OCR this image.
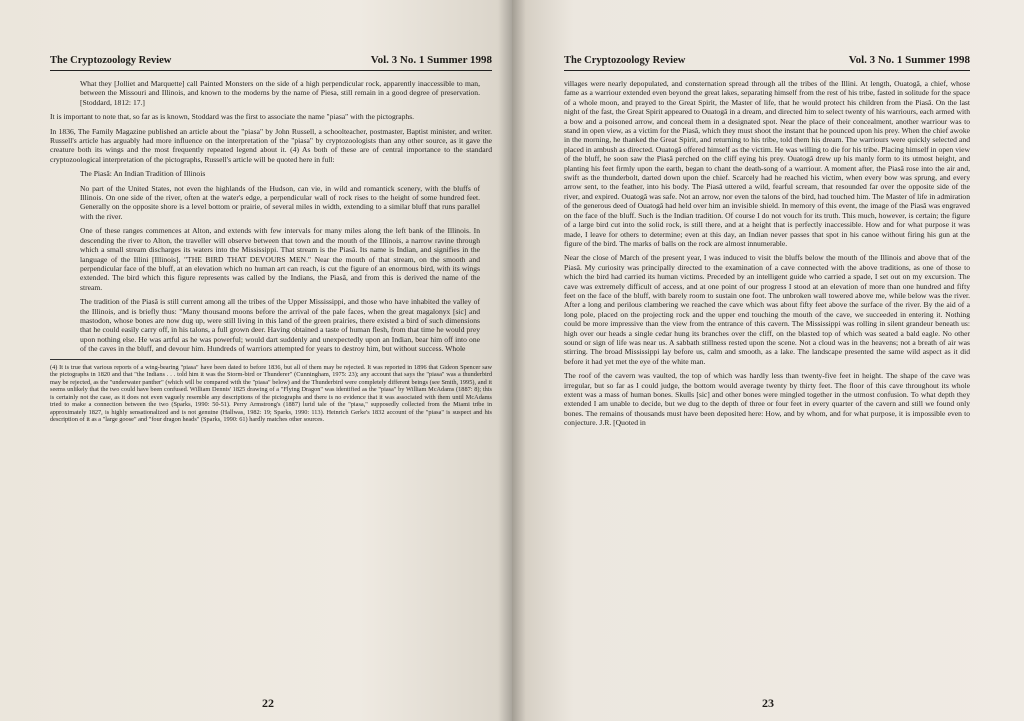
The Cryptozoology Review	Vol. 3 No. 1 Summer 1998

What they [Jolliet and Marquette] call Painted Monsters on the side of a high perpendicular rock, apparently inaccessible to man, between the Missouri and Illinois, and known to the moderns by the name of Piesa, still remain in a good degree of preservation. [Stoddard, 1812: 17.]

It is important to note that, so far as is known, Stoddard was the first to associate the name "piasa" with the pictographs.

In 1836, The Family Magazine published an article about the "piasa" by John Russell, a schoolteacher, postmaster, Baptist minister, and writer. Russell's article has arguably had more influence on the interpretation of the "piasa" by cryptozoologists than any other source, as it gave the creature both its wings and the most frequently repeated legend about it. (4) As both of these are of central importance to the standard cryptozoological interpretation of the pictographs, Russell's article will be quoted here in full:

The Piasâ: An Indian Tradition of Illinois

No part of the United States, not even the highlands of the Hudson, can vie, in wild and romantick scenery, with the bluffs of Illinois. On one side of the river, often at the water's edge, a perpendicular wall of rock rises to the height of some hundred feet. Generally on the opposite shore is a level bottom or prairie, of several miles in width, extending to a similar bluff that runs parallel with the river.

One of these ranges commences at Alton, and extends with few intervals for many miles along the left bank of the Illinois. In descending the river to Alton, the traveller will observe between that town and the mouth of the Illinois, a narrow ravine through which a small stream discharges its waters into the Mississippi. That stream is the Piasâ. Its name is Indian, and signifies in the language of the Illini [Illinois], "THE BIRD THAT DEVOURS MEN." Near the mouth of that stream, on the smooth and perpendicular face of the bluff, at an elevation which no human art can reach, is cut the figure of an enormous bird, with its wings extended. The bird which this figure represents was called by the Indians, the Piasâ, and from this is derived the name of the stream.

The tradition of the Piasâ is still current among all the tribes of the Upper Mississippi, and those who have inhabited the valley of the Illinois, and is briefly thus: "Many thousand moons before the arrival of the pale faces, when the great magalonyx [sic] and mastodon, whose bones are now dug up, were still living in this land of the green prairies, there existed a bird of such dimensions that he could easily carry off, in his talons, a full grown deer. Having obtained a taste of human flesh, from that time he would prey upon nothing else. He was artful as he was powerful; would dart suddenly and unexpectedly upon an Indian, bear him off into one of the caves in the bluff, and devour him. Hundreds of warriors attempted for years to destroy him, but without success. Whole

(4) It is true that various reports of a wing-bearing "piasa" have been dated to before 1836, but all of them may be rejected. It was reported in 1896 that Gideon Spencer saw the pictographs in 1820 and that "the Indians . . . told him it was the Storm-bird or Thunderer" (Cunningham, 1975: 23); any account that says the "piasa" was a thunderbird may be rejected, as the "underwater panther" (which will be compared with the "piasa" below) and the Thunderbird were completely different beings (see Smith, 1995), and it seems unlikely that the two could have been confused. William Dennis' 1825 drawing of a "Flying Dragon" was identified as the "piasa" by William McAdams (1887: 8); this is certainly not the case, as it does not even vaguely resemble any descriptions of the pictographs and there is no evidence that it was associated with them until McAdams tried to make a connection between the two (Sparks, 1990: 50-51). Perry Armstrong's (1887) lurid tale of the "piasa," supposedly collected from the Miami tribe in approximately 1827, is highly sensationalized and is not genuine (Hallwas, 1982: 19; Sparks, 1990: 113). Heinrich Gerke's 1832 account of the "piasa" is suspect and his description of it as a "large goose" and "four dragon heads" (Sparks, 1990: 61) hardly matches other sources.

22
The Cryptozoology Review	Vol. 3 No. 1 Summer 1998

villages were nearly depopulated, and consternation spread through all the tribes of the Illini. At length, Ouatogâ, a chief, whose fame as a warriour extended even beyond the great lakes, separating himself from the rest of his tribe, fasted in solitude for the space of a whole moon, and prayed to the Great Spirit, the Master of life, that he would protect his children from the Piasâ. On the last night of the fast, the Great Spirit appeared to Ouatogâ in a dream, and directed him to select twenty of his warriours, each armed with a bow and a poisoned arrow, and conceal them in a designated spot. Near the place of their concealment, another warriour was to stand in open view, as a victim for the Piasâ, which they must shoot the instant that he pounced upon his prey. When the chief awoke in the morning, he thanked the Great Spirit, and returning to his tribe, told them his dream. The warriours were quickly selected and placed in ambush as directed. Ouatogâ offered himself as the victim. He was willing to die for his tribe. Placing himself in open view of the bluff, he soon saw the Piasâ perched on the cliff eying his prey. Ouatogâ drew up his manly form to its utmost height, and planting his feet firmly upon the earth, began to chant the death-song of a warriour. A moment after, the Piasâ rose into the air and, swift as the thunderbolt, darted down upon the chief. Scarcely had he reached his victim, when every bow was sprung, and every arrow sent, to the feather, into his body. The Piasâ uttered a wild, fearful scream, that resounded far over the opposite side of the river, and expired. Ouatogâ was safe. Not an arrow, nor even the talons of the bird, had touched him. The Master of life in admiration of the generous deed of Ouatogâ had held over him an invisible shield. In memory of this event, the image of the Piasâ was engraved on the face of the bluff. Such is the Indian tradition. Of course I do not vouch for its truth. This much, however, is certain; the figure of a large bird cut into the solid rock, is still there, and at a height that is perfectly inaccessible. How and for what purpose it was made, I leave for others to determine; even at this day, an Indian never passes that spot in his canoe without firing his gun at the figure of the bird. The marks of balls on the rock are almost innumerable.

Near the close of March of the present year, I was induced to visit the bluffs below the mouth of the Illinois and above that of the Piasâ. My curiosity was principally directed to the examination of a cave connected with the above traditions, as one of those to which the bird had carried its human victims. Preceded by an intelligent guide who carried a spade, I set out on my excursion. The cave was extremely difficult of access, and at one point of our progress I stood at an elevation of more than one hundred and fifty feet on the face of the bluff, with barely room to sustain one foot. The unbroken wall towered above me, while below was the river. After a long and perilous clambering we reached the cave which was about fifty feet above the surface of the river. By the aid of a long pole, placed on the projecting rock and the upper end touching the mouth of the cave, we succeeded in entering it. Nothing could be more impressive than the view from the entrance of this cavern. The Mississippi was rolling in silent grandeur beneath us: high over our heads a single cedar hung its branches over the cliff, on the blasted top of which was seated a bald eagle. No other sound or sign of life was near us. A sabbath stillness rested upon the scene. Not a cloud was in the heavens; not a breath of air was stirring. The broad Mississippi lay before us, calm and smooth, as a lake. The landscape presented the same wild aspect as it did before it had yet met the eye of the white man.

The roof of the cavern was vaulted, the top of which was hardly less than twenty-five feet in height. The shape of the cave was irregular, but so far as I could judge, the bottom would average twenty by thirty feet. The floor of this cave throughout its whole extent was a mass of human bones. Skulls [sic] and other bones were mingled together in the utmost confusion. To what depth they extended I am unable to decide, but we dug to the depth of three or four feet in every quarter of the cavern and still we found only bones. The remains of thousands must have been deposited here: How, and by whom, and for what purpose, it is impossible even to conjecture. J.R. [Quoted in

23
